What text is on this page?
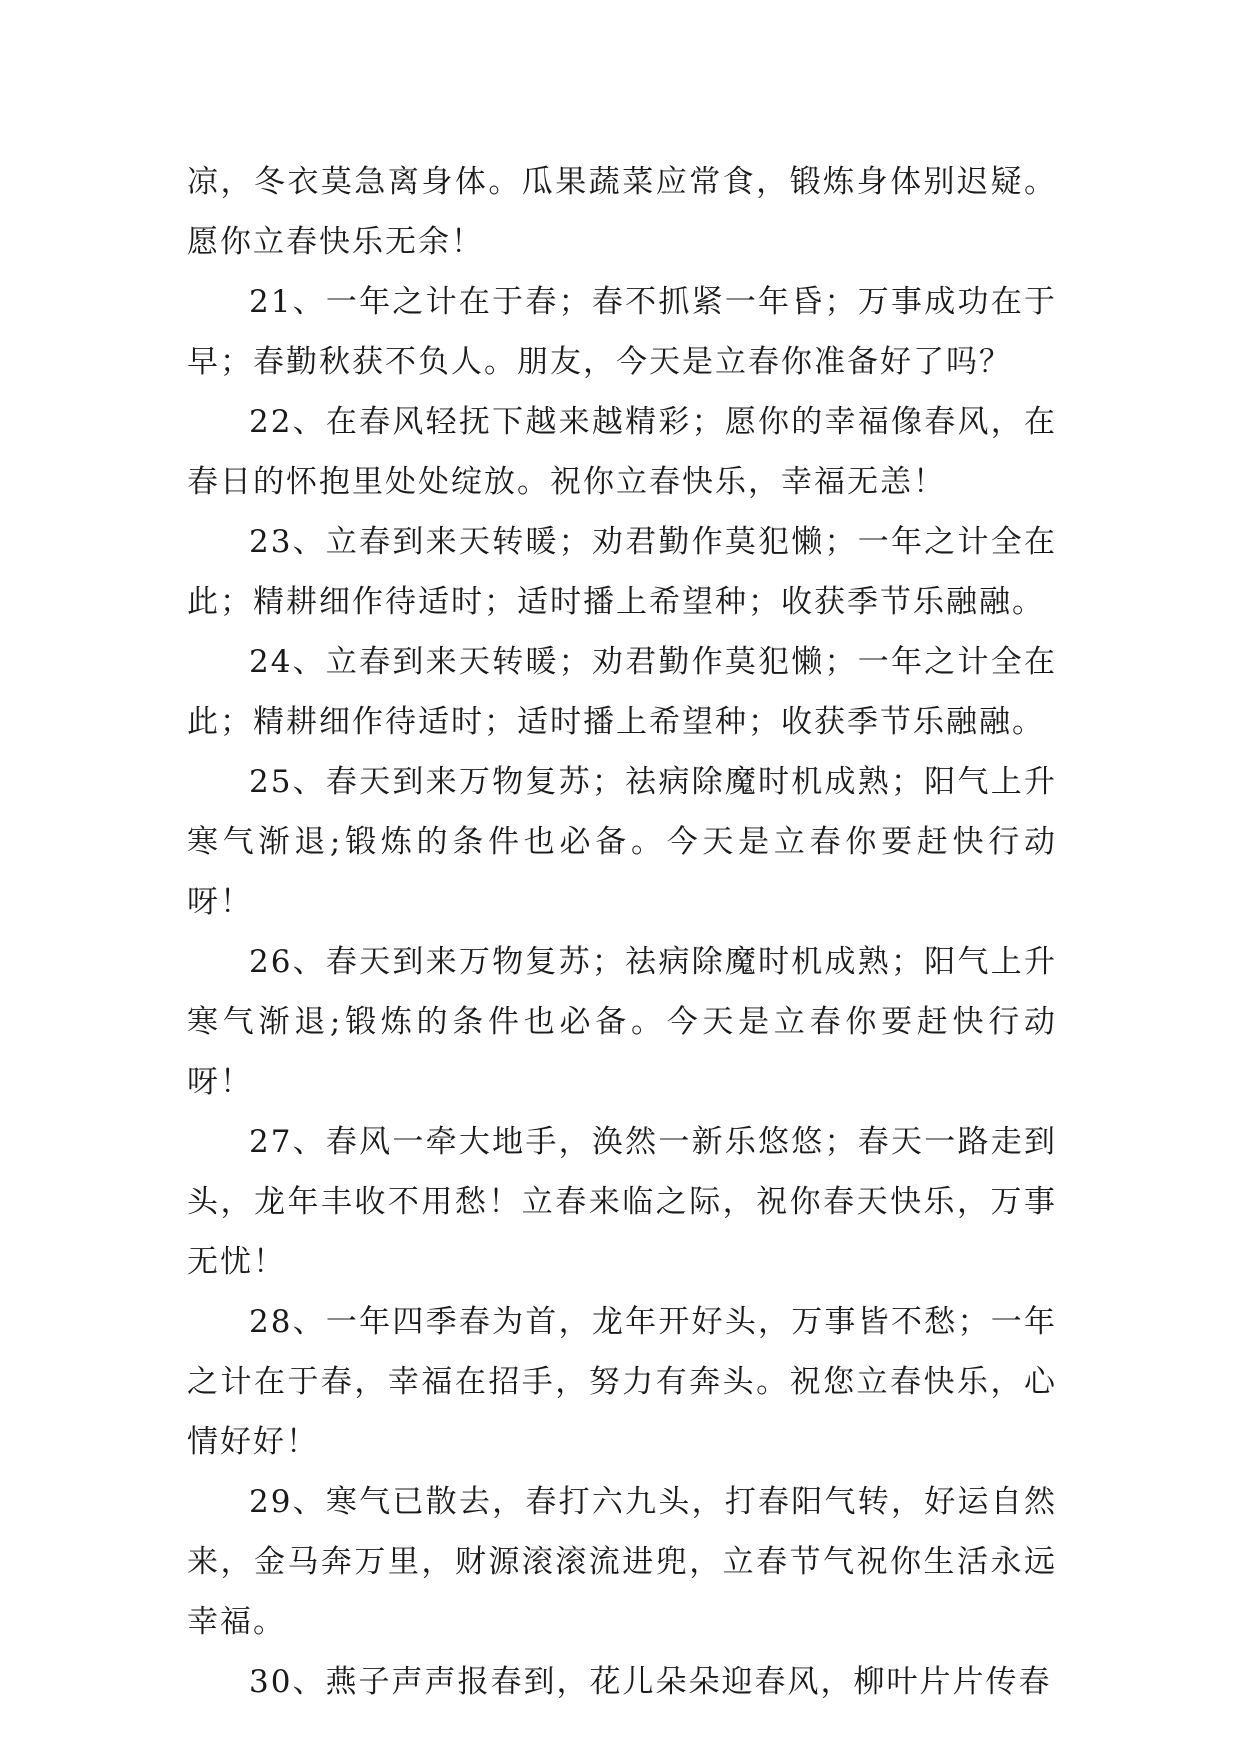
凉，冬衣莫急离身体。瓜果蔬菜应常食，锻炼身体别迟疑。愿你立春快乐无余！

21、一年之计在于春；春不抓紧一年昏；万事成功在于早；春勤秋获不负人。朋友，今天是立春你准备好了吗？

22、在春风轻抚下越来越精彩；愿你的幸福像春风，在春日的怀抱里处处绽放。祝你立春快乐，幸福无恙！

23、立春到来天转暖；劝君勤作莫犯懒；一年之计全在此；精耕细作待适时；适时播上希望种；收获季节乐融融。

24、立春到来天转暖；劝君勤作莫犯懒；一年之计全在此；精耕细作待适时；适时播上希望种；收获季节乐融融。

25、春天到来万物复苏；祛病除魔时机成熟；阳气上升寒气渐退;锻炼的条件也必备。今天是立春你要赶快行动呀！

26、春天到来万物复苏；祛病除魔时机成熟；阳气上升寒气渐退;锻炼的条件也必备。今天是立春你要赶快行动呀！

27、春风一牵大地手，涣然一新乐悠悠；春天一路走到头，龙年丰收不用愁！立春来临之际，祝你春天快乐，万事无忧！

28、一年四季春为首，龙年开好头，万事皆不愁；一年之计在于春，幸福在招手，努力有奔头。祝您立春快乐，心情好好！

29、寒气已散去，春打六九头，打春阳气转，好运自然来，金马奔万里，财源滚滚流进兜，立春节气祝你生活永远幸福。

30、燕子声声报春到，花儿朵朵迎春风，柳叶片片传春
